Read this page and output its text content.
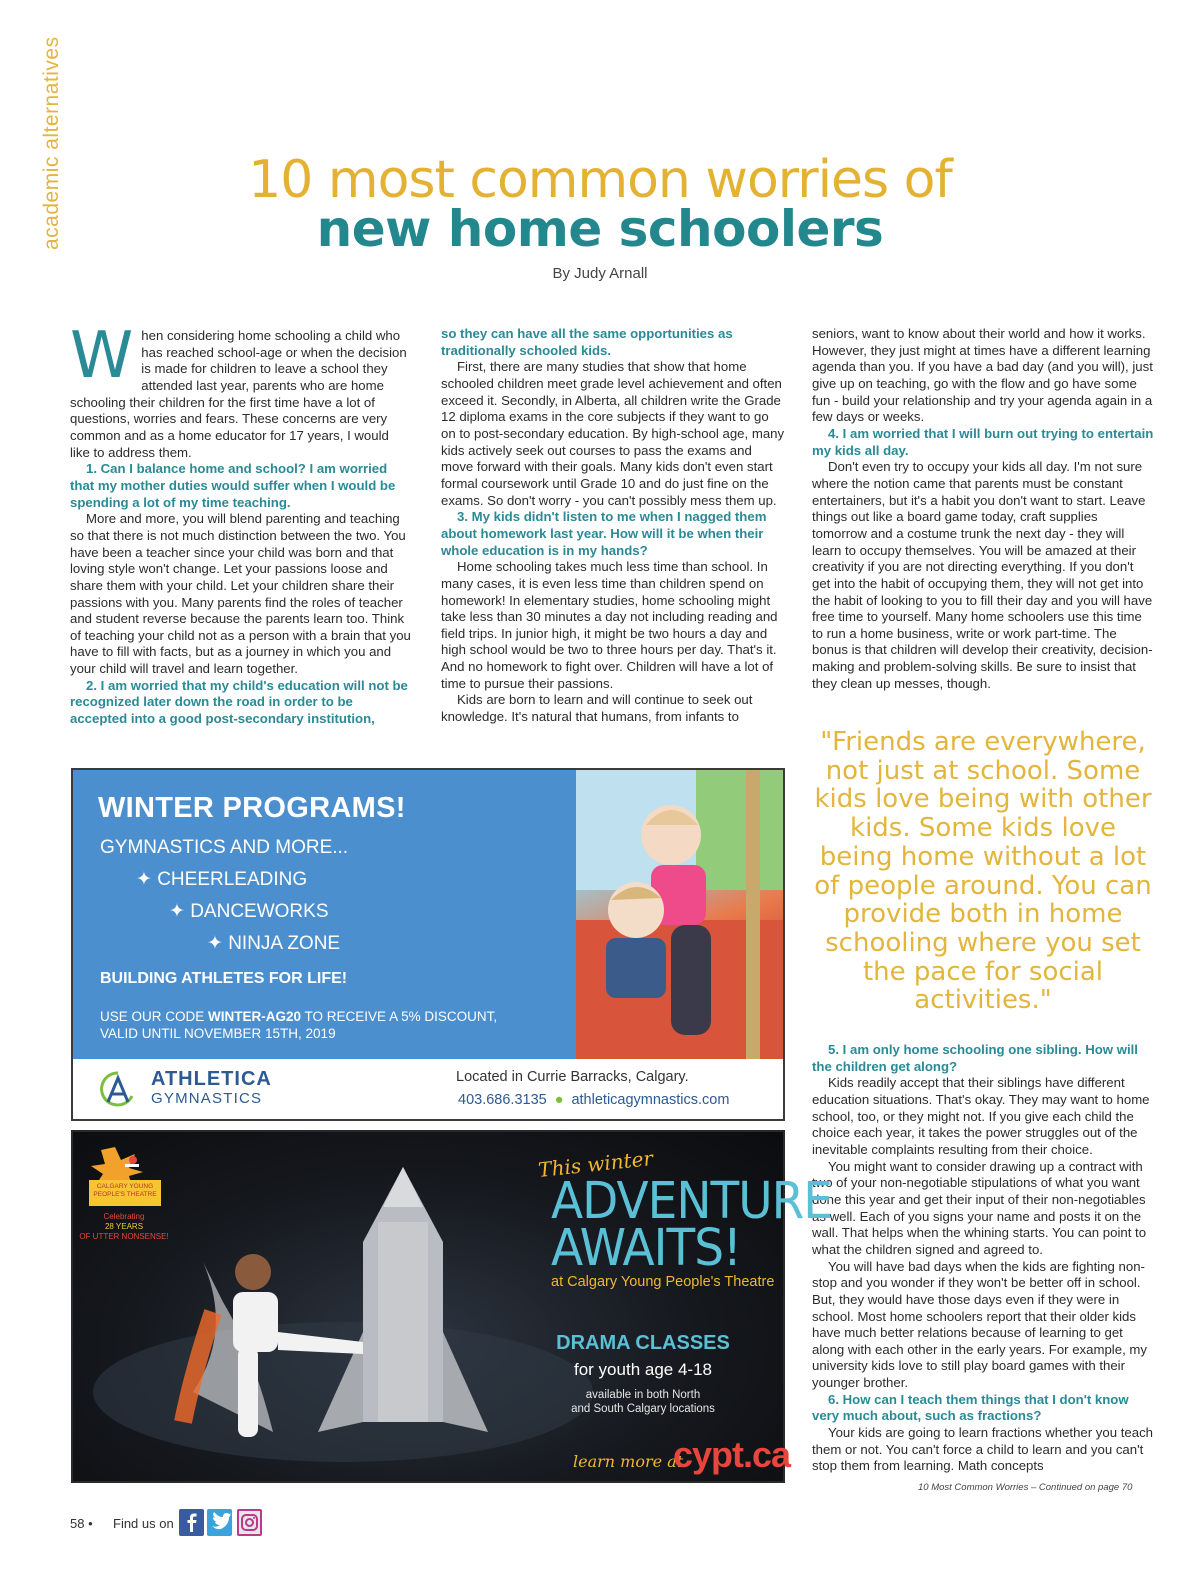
academic alternatives	10 most common worries of
new home schoolers
By Judy Arnall

When considering home schooling a child who has reached school-age or when the decision is made for children to leave a school they attended last year, parents who are home schooling their children for the first time have a lot of questions, worries and fears. These concerns are very common and as a home educator for 17 years, I would like to address them.

1. Can I balance home and school? I am worried that my mother duties would suffer when I would be spending a lot of my time teaching.

More and more, you will blend parenting and teaching so that there is not much distinction between the two. You have been a teacher since your child was born and that loving style won't change. Let your passions loose and share them with your child. Let your children share their passions with you. Many parents find the roles of teacher and student reverse because the parents learn too. Think of teaching your child not as a person with a brain that you have to fill with facts, but as a journey in which you and your child will travel and learn together.

2. I am worried that my child's education will not be recognized later down the road in order to be accepted into a good post-secondary institution,

so they can have all the same opportunities as traditionally schooled kids.

First, there are many studies that show that home schooled children meet grade level achievement and often exceed it. Secondly, in Alberta, all children write the Grade 12 diploma exams in the core subjects if they want to go on to post-secondary education. By high-school age, many kids actively seek out courses to pass the exams and move forward with their goals. Many kids don't even start formal coursework until Grade 10 and do just fine on the exams. So don't worry - you can't possibly mess them up.

3. My kids didn't listen to me when I nagged them about homework last year. How will it be when their whole education is in my hands?

Home schooling takes much less time than school. In many cases, it is even less time than children spend on homework! In elementary studies, home schooling might take less than 30 minutes a day not including reading and field trips. In junior high, it might be two hours a day and high school would be two to three hours per day. That's it. And no homework to fight over. Children will have a lot of time to pursue their passions.

Kids are born to learn and will continue to seek out knowledge. It's natural that humans, from infants to

seniors, want to know about their world and how it works. However, they just might at times have a different learning agenda than you. If you have a bad day (and you will), just give up on teaching, go with the flow and go have some fun - build your relationship and try your agenda again in a few days or weeks.

4. I am worried that I will burn out trying to entertain my kids all day.

Don't even try to occupy your kids all day. I'm not sure where the notion came that parents must be constant entertainers, but it's a habit you don't want to start. Leave things out like a board game today, craft supplies tomorrow and a costume trunk the next day - they will learn to occupy themselves. You will be amazed at their creativity if you are not directing everything. If you don't get into the habit of occupying them, they will not get into the habit of looking to you to fill their day and you will have free time to yourself. Many home schoolers use this time to run a home business, write or work part-time. The bonus is that children will develop their creativity, decision-making and problem-solving skills. Be sure to insist that they clean up messes, though.

"Friends are everywhere, not just at school. Some kids love being with other kids. Some kids love being home without a lot of people around. You can provide both in home schooling where you set the pace for social activities."

5. I am only home schooling one sibling. How will the children get along?

Kids readily accept that their siblings have different education situations. That's okay. They may want to home school, too, or they might not. If you give each child the choice each year, it takes the power struggles out of the inevitable complaints resulting from their choice.

You might want to consider drawing up a contract with two of your non-negotiable stipulations of what you want done this year and get their input of their non-negotiables as well. Each of you signs your name and posts it on the wall. That helps when the whining starts. You can point to what the children signed and agreed to.

You will have bad days when the kids are fighting non-stop and you wonder if they won't be better off in school. But, they would have those days even if they were in school. Most home schoolers report that their older kids have much better relations because of learning to get along with each other in the early years. For example, my university kids love to still play board games with their younger brother.

6. How can I teach them things that I don't know very much about, such as fractions?

Your kids are going to learn fractions whether you teach them or not. You can't force a child to learn and you can't stop them from learning. Math concepts

10 Most Common Worries – Continued on page 70
WINTER PROGRAMS!
GYMNASTICS AND MORE...
✦ CHEERLEADING
✦ DANCEWORKS
✦ NINJA ZONE
BUILDING ATHLETES FOR LIFE!
USE OUR CODE WINTER-AG20 TO RECEIVE A 5% DISCOUNT,
VALID UNTIL NOVEMBER 15TH, 2019
ATHLETICA
GYMNASTICS
Located in Currie Barracks, Calgary.
403.686.3135 ● athleticagymnastics.com
CALGARY YOUNG PEOPLE'S THEATRE
Celebrating
28 YEARS
OF UTTER NONSENSE!
This winter
ADVENTURE
AWAITS!
at Calgary Young People's Theatre
DRAMA CLASSES
for youth age 4-18
available in both North
and South Calgary locations
learn more at
cypt.ca
58 • Find us on
